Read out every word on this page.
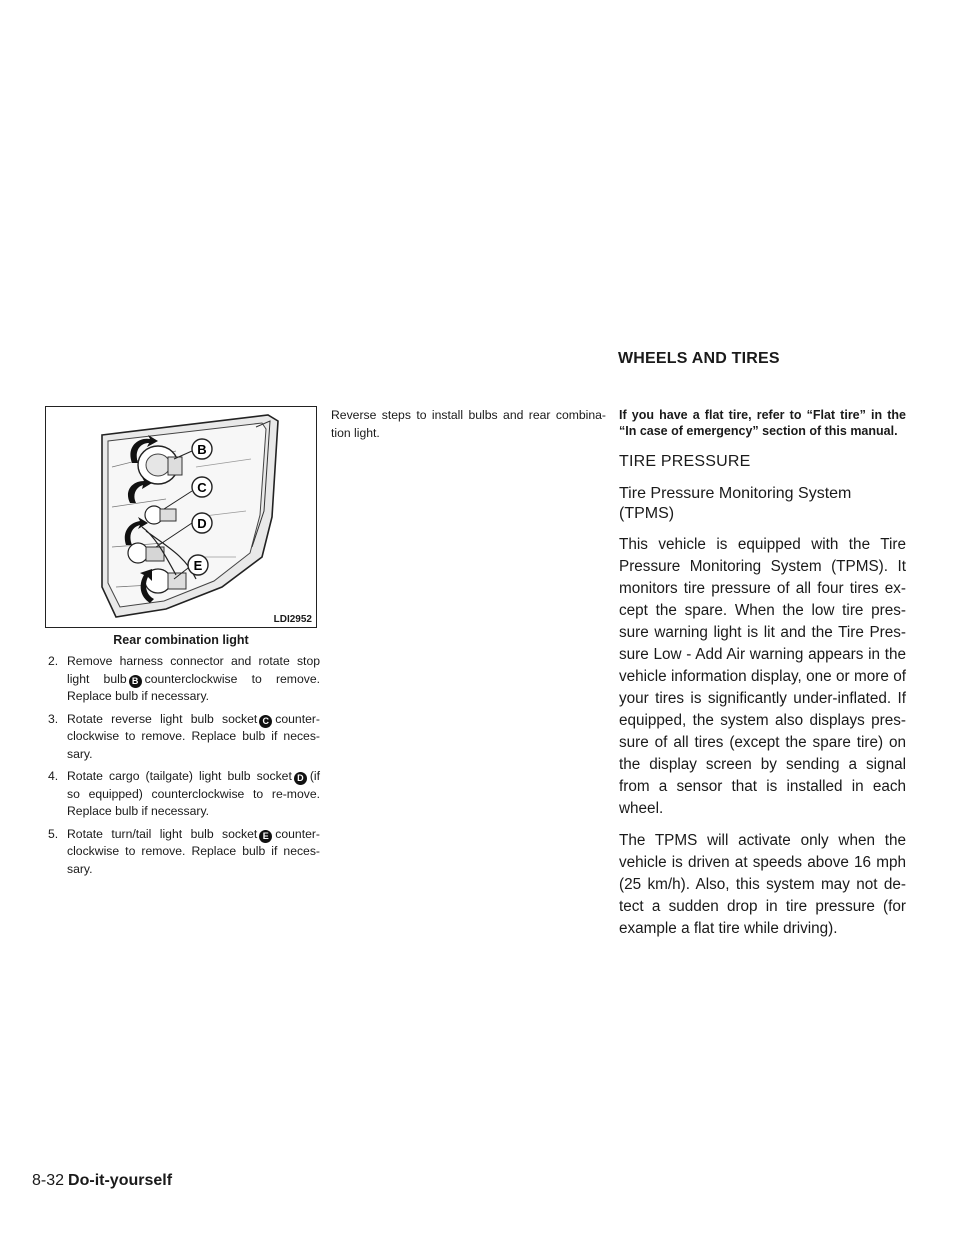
WHEELS AND TIRES
B
C
D
E
LDI2952
Rear combination light
2. Remove harness connector and rotate stop light bulb B counterclockwise to remove. Replace bulb if necessary.
3. Rotate reverse light bulb socket C counter-clockwise to remove. Replace bulb if neces-sary.
4. Rotate cargo (tailgate) light bulb socket D (if so equipped) counterclockwise to re-move. Replace bulb if necessary.
5. Rotate turn/tail light bulb socket E counter-clockwise to remove. Replace bulb if neces-sary.
Reverse steps to install bulbs and rear combina-tion light.

If you have a flat tire, refer to “Flat tire” in the “In case of emergency” section of this manual.

TIRE PRESSURE
Tire Pressure Monitoring System (TPMS)

This vehicle is equipped with the Tire Pressure Monitoring System (TPMS). It monitors tire pressure of all four tires ex-cept the spare. When the low tire pres-sure warning light is lit and the Tire Pres-sure Low - Add Air warning appears in the vehicle information display, one or more of your tires is significantly under-inflated. If equipped, the system also displays pres-sure of all tires (except the spare tire) on the display screen by sending a signal from a sensor that is installed in each wheel.

The TPMS will activate only when the vehicle is driven at speeds above 16 mph (25 km/h). Also, this system may not de-tect a sudden drop in tire pressure (for example a flat tire while driving).

8-32 Do-it-yourself
